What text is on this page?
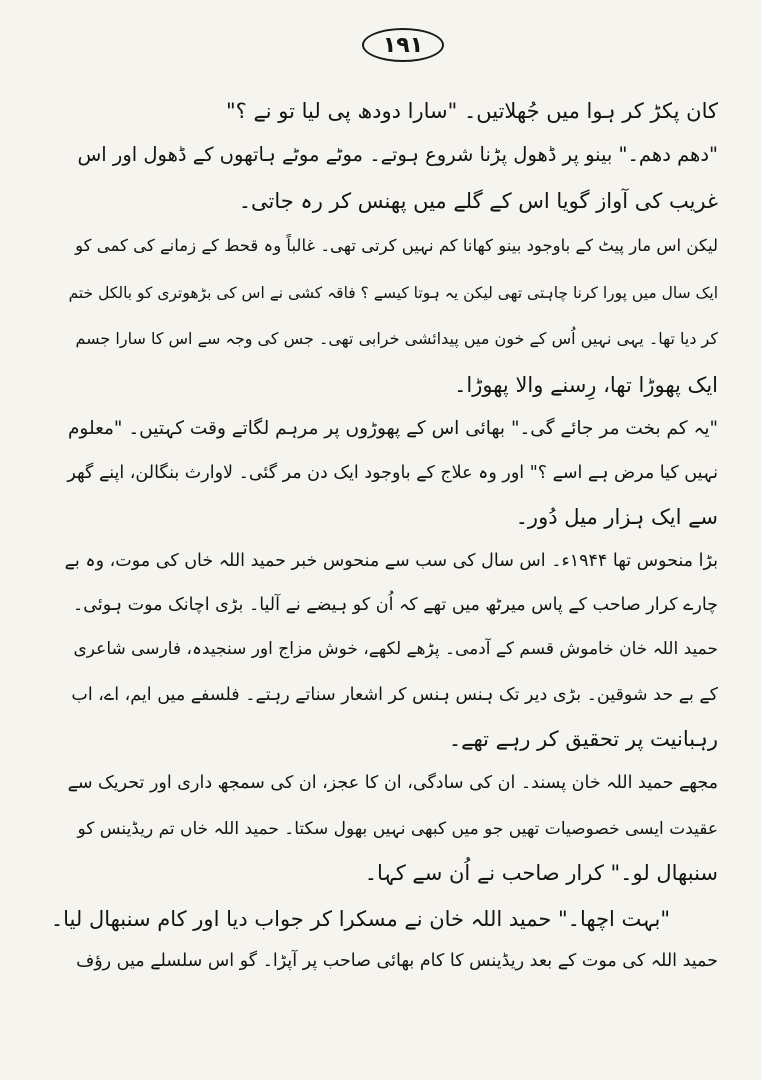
۱۹۱
کان پکڑ کر ہوا میں جُھلاتیں۔ "سارا دودھ پی لیا تو نے ؟"
"دھم دھم۔" بینو پر ڈھول پڑنا شروع ہوتے۔ موٹے موٹے ہاتھوں کے ڈھول اور اس
غریب کی آواز گویا اس کے گلے میں پھنس کر رہ جاتی۔
لیکن اس مار پیٹ کے باوجود بینو کھانا کم نہیں کرتی تھی۔ غالباً وہ قحط کے زمانے کی کمی کو
ایک سال میں پورا کرنا چاہتی تھی لیکن یہ ہوتا کیسے ؟ فاقہ کشی نے اس کی بڑھوتری کو بالکل ختم
کر دیا تھا۔ یہی نہیں اُس کے خون میں پیدائشی خرابی تھی۔ جس کی وجہ سے اس کا سارا جسم
ایک پھوڑا تھا، رِسنے والا پھوڑا۔
"یہ کم بخت مر جائے گی۔" بھائی اس کے پھوڑوں پر مرہم لگاتے وقت کہتیں۔ "معلوم
نہیں کیا مرض ہے اسے ؟" اور وہ علاج کے باوجود ایک دن مر گئی۔ لاوارث بنگالن، اپنے گھر
سے ایک ہزار میل دُور۔
بڑا منحوس تھا ۱۹۴۴ء۔ اس سال کی سب سے منحوس خبر حمید اللہ خاں کی موت، وہ بے
چارے کرار صاحب کے پاس میرٹھ میں تھے کہ اُن کو ہیضے نے آلیا۔ بڑی اچانک موت ہوئی۔
حمید اللہ خان خاموش قسم کے آدمی۔ پڑھے لکھے، خوش مزاج اور سنجیدہ، فارسی شاعری
کے بے حد شوقین۔ بڑی دیر تک ہنس ہنس کر اشعار سناتے رہتے۔ فلسفے میں ایم، اے، اب
رہبانیت پر تحقیق کر رہے تھے۔
مجھے حمید اللہ خان پسند۔ ان کی سادگی، ان کا عجز، ان کی سمجھ داری اور تحریک سے
عقیدت ایسی خصوصیات تھیں جو میں کبھی نہیں بھول سکتا۔ حمید اللہ خاں تم ریڈینس کو
سنبھال لو۔" کرار صاحب نے اُن سے کہا۔
"بہت اچھا۔" حمید اللہ خان نے مسکرا کر جواب دیا اور کام سنبھال لیا۔
حمید اللہ کی موت کے بعد ریڈینس کا کام بھائی صاحب پر آپڑا۔ گو اس سلسلے میں رؤف
